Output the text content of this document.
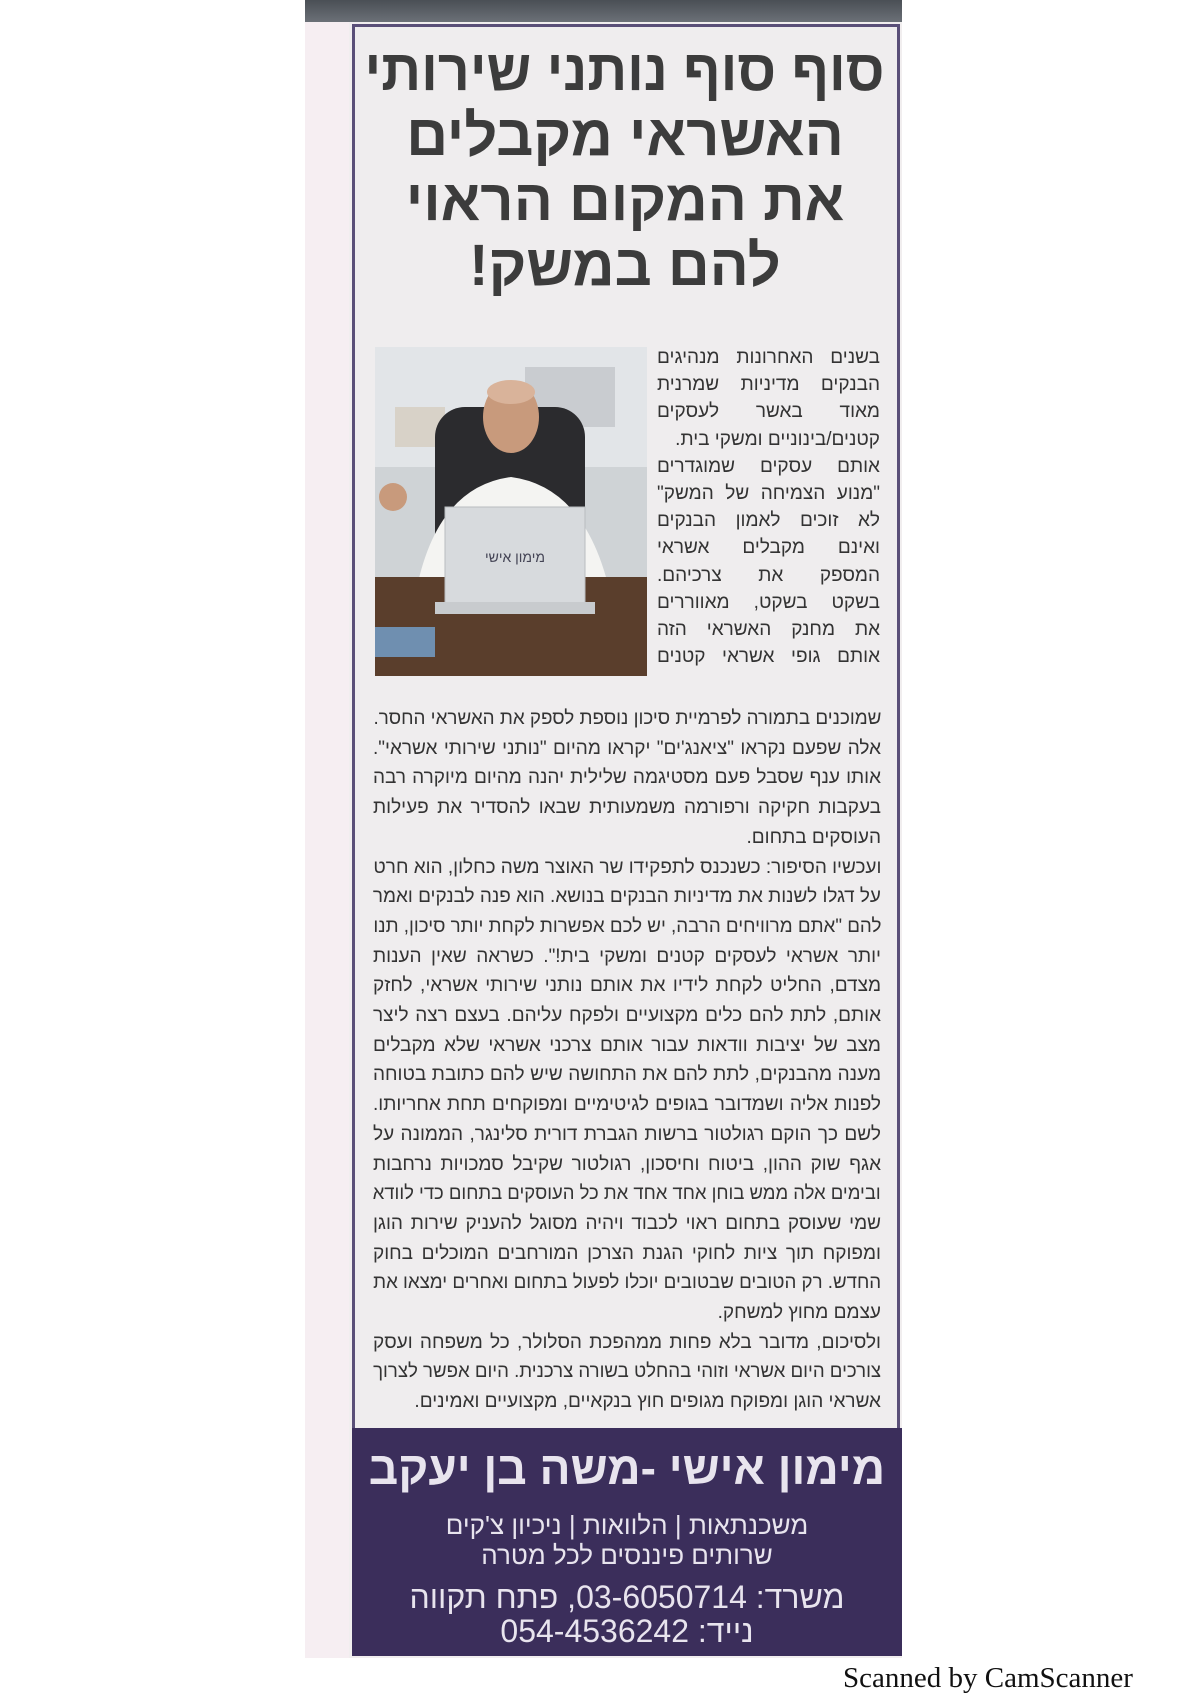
סוף סוף נותני שירותי
האשראי מקבלים
את המקום הראוי
להם במשק!
מימון אישי
בשנים האחרונות מנהיגים
הבנקים מדיניות שמרנית
מאוד באשר לעסקים
קטנים/בינוניים ומשקי בית.
אותם עסקים שמוגדרים
"מנוע הצמיחה של המשק"
לא זוכים לאמון הבנקים
ואינם מקבלים אשראי
המספק את צרכיהם.
בשקט בשקט, מאווררים
את מחנק האשראי הזה
אותם גופי אשראי קטנים
שמוכנים בתמורה לפרמיית סיכון נוספת לספק את האשראי החסר.
אלה שפעם נקראו "ציאנג'ים" יקראו מהיום "נותני שירותי אשראי".
אותו ענף שסבל פעם מסטיגמה שלילית יהנה מהיום מיוקרה רבה
בעקבות חקיקה ורפורמה משמעותית שבאו להסדיר את פעילות
העוסקים בתחום.
ועכשיו הסיפור: כשנכנס לתפקידו שר האוצר משה כחלון, הוא חרט
על דגלו לשנות את מדיניות הבנקים בנושא. הוא פנה לבנקים ואמר
להם "אתם מרוויחים הרבה, יש לכם אפשרות לקחת יותר סיכון, תנו
יותר אשראי לעסקים קטנים ומשקי בית!". כשראה שאין הענות
מצדם, החליט לקחת לידיו את אותם נותני שירותי אשראי, לחזק
אותם, לתת להם כלים מקצועיים ולפקח עליהם. בעצם רצה ליצר
מצב של יציבות וודאות עבור אותם צרכני אשראי שלא מקבלים
מענה מהבנקים, לתת להם את התחושה שיש להם כתובת בטוחה
לפנות אליה ושמדובר בגופים לגיטימיים ומפוקחים תחת אחריותו.
לשם כך הוקם רגולטור ברשות הגברת דורית סלינגר, הממונה על
אגף שוק ההון, ביטוח וחיסכון, רגולטור שקיבל סמכויות נרחבות
ובימים אלה ממש בוחן אחד אחד את כל העוסקים בתחום כדי לוודא
שמי שעוסק בתחום ראוי לכבוד ויהיה מסוגל להעניק שירות הוגן
ומפוקח תוך ציות לחוקי הגנת הצרכן המורחבים המוכלים בחוק
החדש. רק הטובים שבטובים יוכלו לפעול בתחום ואחרים ימצאו את
עצמם מחוץ למשחק.
ולסיכום, מדובר בלא פחות ממהפכת הסלולר, כל משפחה ועסק
צורכים היום אשראי וזוהי בהחלט בשורה צרכנית. היום אפשר לצרוך
אשראי הוגן ומפוקח מגופים חוץ בנקאיים, מקצועיים ואמינים.
מימון אישי -משה בן יעקב
משכנתאות | הלוואות | ניכיון צ'קים
שרותים פיננסים לכל מטרה
משרד: 03-6050714, פתח תקווה
נייד: 054-4536242
Scanned by CamScanner
